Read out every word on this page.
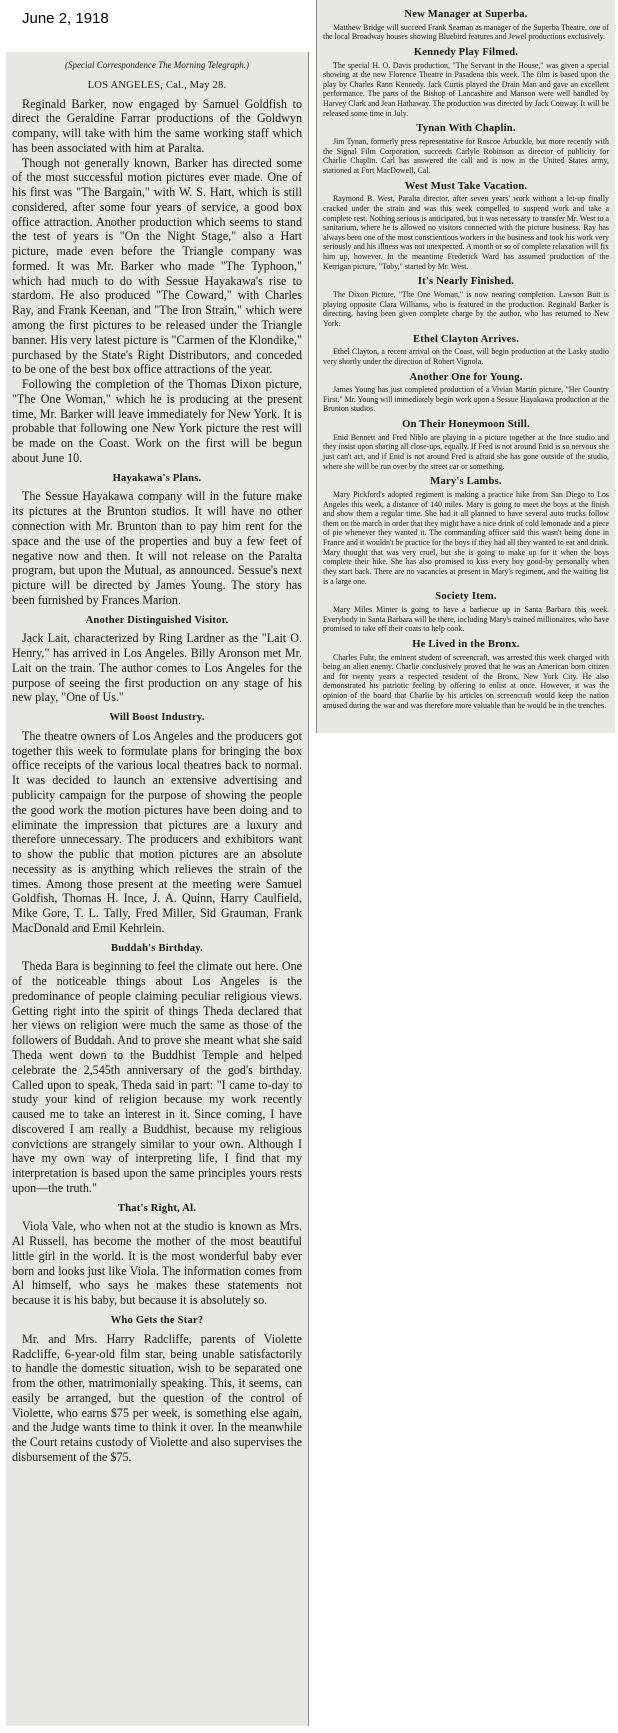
June 2, 1918
(Special Correspondence The Morning Telegraph.)
LOS ANGELES, Cal., May 28.

Reginald Barker, now engaged by Samuel Goldfish to direct the Geraldine Farrar productions of the Goldwyn company, will take with him the same working staff which has been associated with him at Paralta.

Though not generally known, Barker has directed some of the most successful motion pictures ever made. One of his first was "The Bargain," with W. S. Hart, which is still considered, after some four years of service, a good box office attraction. Another production which seems to stand the test of years is "On the Night Stage," also a Hart picture, made even before the Triangle company was formed. It was Mr. Barker who made "The Typhoon," which had much to do with Sessue Hayakawa's rise to stardom. He also produced "The Coward," with Charles Ray, and Frank Keenan, and "The Iron Strain," which were among the first pictures to be released under the Triangle banner. His very latest picture is "Carmen of the Klondike," purchased by the State's Right Distributors, and conceded to be one of the best box office attractions of the year.

Following the completion of the Thomas Dixon picture, "The One Woman," which he is producing at the present time, Mr. Barker will leave immediately for New York. It is probable that following one New York picture the rest will be made on the Coast. Work on the first will be begun about June 10.

Hayakawa's Plans.

The Sessue Hayakawa company will in the future make its pictures at the Brunton studios. It will have no other connection with Mr. Brunton than to pay him rent for the space and the use of the properties and buy a few feet of negative now and then. It will not release on the Paralta program, but upon the Mutual, as announced. Sessue's next picture will be directed by James Young. The story has been furnished by Frances Marion.

Another Distinguished Visitor.

Jack Lait, characterized by Ring Lardner as the "Lait O. Henry," has arrived in Los Angeles. Billy Aronson met Mr. Lait on the train. The author comes to Los Angeles for the purpose of seeing the first production on any stage of his new play, "One of Us."

Will Boost Industry.

The theatre owners of Los Angeles and the producers got together this week to formulate plans for bringing the box office receipts of the various local theatres back to normal. It was decided to launch an extensive advertising and publicity campaign for the purpose of showing the people the good work the motion pictures have been doing and to eliminate the impression that pictures are a luxury and therefore unnecessary. The producers and exhibitors want to show the public that motion pictures are an absolute necessity as is anything which relieves the strain of the times. Among those present at the meeting were Samuel Goldfish, Thomas H. Ince, J. A. Quinn, Harry Caulfield, Mike Gore, T. L. Tally, Fred Miller, Sid Grauman, Frank MacDonald and Emil Kehrlein.

Buddah's Birthday.

Theda Bara is beginning to feel the climate out here. One of the noticeable things about Los Angeles is the predominance of people claiming peculiar religious views. Getting right into the spirit of things Theda declared that her views on religion were much the same as those of the followers of Buddah. And to prove she meant what she said Theda went down to the Buddhist Temple and helped celebrate the 2,545th anniversary of the god's birthday. Called upon to speak, Theda said in part: "I came to-day to study your kind of religion because my work recently caused me to take an interest in it. Since coming, I have discovered I am really a Buddhist, because my religious convictions are strangely similar to your own. Although I have my own way of interpreting life, I find that my interpretation is based upon the same principles yours rests upon—the truth."

That's Right, Al.

Viola Vale, who when not at the studio is known as Mrs. Al Russell, has become the mother of the most beautiful little girl in the world. It is the most wonderful baby ever born and looks just like Viola. The information comes from Al himself, who says he makes these statements not because it is his baby, but because it is absolutely so.

Who Gets the Star?

Mr. and Mrs. Harry Radcliffe, parents of Violette Radcliffe, 6-year-old film star, being unable satisfactorily to handle the domestic situation, wish to be separated one from the other, matrimonially speaking. This, it seems, can easily be arranged, but the question of the control of Violette, who earns $75 per week, is something else again, and the Judge wants time to think it over. In the meanwhile the Court retains custody of Violette and also supervises the disbursement of the $75.

New Manager at Superba.

Matthew Bridge will succeed Frank Seaman as manager of the Superba Theatre, one of the local Broadway houses showing Bluebird features and Jewel productions exclusively.

Kennedy Play Filmed.

The special H. O. Davis production, "The Servant in the House," was given a special showing at the new Florence Theatre in Pasadena this week. The film is based upon the play by Charles Rann Kennedy. Jack Curtis played the Drain Man and gave an excellent performance. The parts of the Bishop of Lancashire and Manson were well handled by Harvey Clark and Jean Hathaway. The production was directed by Jack Conway. It will be released some time in July.

Tynan With Chaplin.

Jim Tynan, formerly press representative for Roscoe Arbuckle, but more recently with the Signal Film Corporation, succeeds Carlyle Robinson as director of publicity for Charlie Chaplin. Carl has answered the call and is now in the United States army, stationed at Fort MacDowell, Cal.

West Must Take Vacation.

Raymond B. West, Paralta director, after seven years' work without a let-up finally cracked under the strain and was this week compelled to suspend work and take a complete rest. Nothing serious is anticipated, but it was necessary to transfer Mr. West to a sanitarium, where he is allowed no visitors connected with the picture business. Ray has always been one of the most conscientious workers in the business and took his work very seriously and his illness was not unexpected. A month or so of complete relaxation will fix him up, however. In the meantime Frederick Ward has assumed production of the Kerrigan picture, "Toby," started by Mr. West.

It's Nearly Finished.

The Dixon Picture, "The One Woman," is now nearing completion. Lawson Butt is playing opposite Clara Williams, who is featured in the production. Reginald Barker is directing, having been given complete charge by the author, who has returned to New York.

Ethel Clayton Arrives.

Ethel Clayton, a recent arrival on the Coast, will begin production at the Lasky studio very shortly under the direction of Robert Vignola.

Another One for Young.

James Young has just completed production of a Vivian Martin picture, "Her Country First." Mr. Young will immediately begin work upon a Sessue Hayakawa production at the Brunton studios.

On Their Honeymoon Still.

Enid Bennett and Fred Niblo are playing in a picture together at the Ince studio and they insist upon sharing all close-ups, equally. If Fred is not around Enid is so nervous she just can't act, and if Enid is not around Fred is afraid she has gone outside of the studio, where she will be run over by the street car or something.

Mary's Lambs.

Mary Pickford's adopted regiment is making a practice hike from San Diego to Los Angeles this week, a distance of 140 miles. Mary is going to meet the boys at the finish and show them a regular time. She had it all planned to have several auto trucks follow them on the march in order that they might have a nice drink of cold lemonade and a piece of pie whenever they wanted it. The commanding officer said this wasn't being done in France and it wouldn't be practice for the boys if they had all they wanted to eat and drink. Mary thought that was very cruel, but she is going to make up for it when the boys complete their hike. She has also promised to kiss every boy good-by personally when they start back. There are no vacancies at present in Mary's regiment, and the waiting list is a large one.

Society Item.

Mary Miles Minter is going to have a barbecue up in Santa Barbara this week. Everybody in Santa Barbara will be there, including Mary's trained millionaires, who have promised to take off their coats to help cook.

He Lived in the Bronx.

Charles Fuhr, the eminent student of screencraft, was arrested this week charged with being an alien enemy. Charlie conclusively proved that he was an American born citizen and for twenty years a respected resident of the Bronx, New York City. He also demonstrated his patriotic feeling by offering to enlist at once. However, it was the opinion of the board that Charlie by his articles on screencraft would keep the nation amused during the war and was therefore more valuable than he would be in the trenches.
